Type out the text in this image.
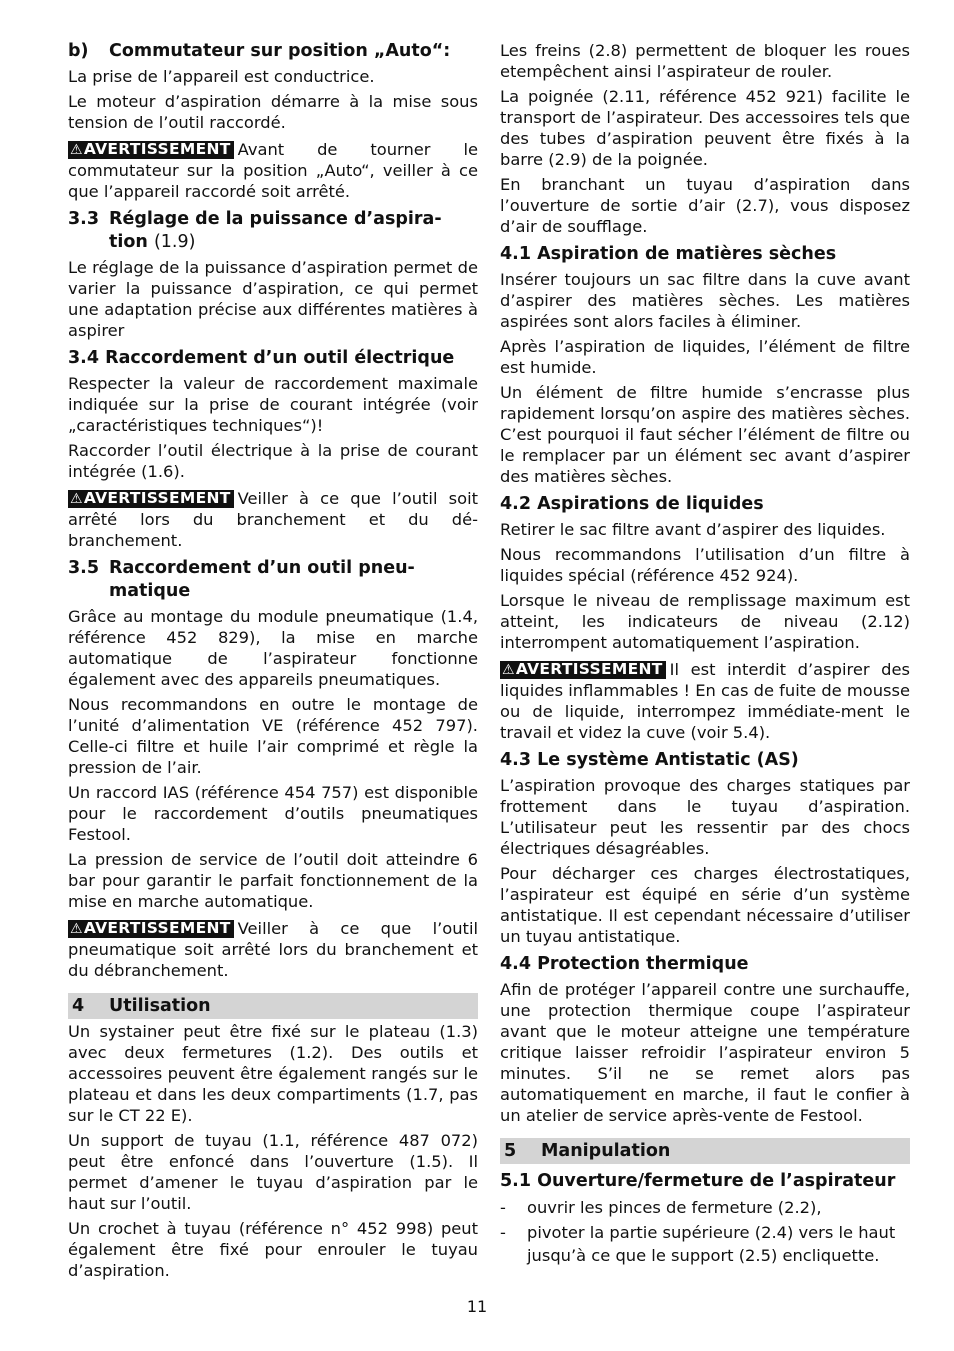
b) Commutateur sur position „Auto“:

La prise de l’appareil est conductrice.

Le moteur d’aspiration démarre à la mise sous tension de l’outil raccordé.

⚠AVERTISSEMENT Avant de tourner le commutateur sur la position „Auto“, veiller à ce que l’appareil raccordé soit arrêté.

3.3 Réglage de la puissance d’aspira-tion (1.9)

Le réglage de la puissance d’aspiration permet de varier la puissance d’aspiration, ce qui permet une adaptation précise aux différentes matières à aspirer

3.4 Raccordement d’un outil électrique

Respecter la valeur de raccordement maximale indiquée sur la prise de courant intégrée (voir „caractéristiques techniques“)!

Raccorder l’outil électrique à la prise de courant intégrée (1.6).

⚠AVERTISSEMENT Veiller à ce que l’outil soit arrêté lors du branchement et du dé-branchement.

3.5 Raccordement d’un outil pneu-matique

Grâce au montage du module pneumatique (1.4, référence 452 829), la mise en marche automatique de l’aspirateur fonctionne également avec des appareils pneumatiques.

Nous recommandons en outre le montage de l’unité d’alimentation VE (référence 452 797). Celle-ci filtre et huile l’air comprimé et règle la pression de l’air.

Un raccord IAS (référence 454 757) est disponible pour le raccordement d’outils pneumatiques Festool.

La pression de service de l’outil doit atteindre 6 bar pour garantir le parfait fonctionnement de la mise en marche automatique.

⚠AVERTISSEMENT Veiller à ce que l’outil pneumatique soit arrêté lors du branchement et du débranchement.

4 Utilisation

Un systainer peut être fixé sur le plateau (1.3) avec deux fermetures (1.2). Des outils et accessoires peuvent être également rangés sur le plateau et dans les deux compartiments (1.7, pas sur le CT 22 E).

Un support de tuyau (1.1, référence 487 072) peut être enfoncé dans l’ouverture (1.5). Il permet d’amener le tuyau d’aspiration par le haut sur l’outil.

Un crochet à tuyau (référence n° 452 998) peut également être fixé pour enrouler le tuyau d’aspiration.

Les freins (2.8) permettent de bloquer les roues etempêchent ainsi l’aspirateur de rouler.

La poignée (2.11, référence 452 921) facilite le transport de l’aspirateur. Des accessoires tels que des tubes d’aspiration peuvent être fixés à la barre (2.9) de la poignée.

En branchant un tuyau d’aspiration dans l’ouverture de sortie d’air (2.7), vous disposez d’air de soufflage.

4.1 Aspiration de matières sèches

Insérer toujours un sac filtre dans la cuve avant d’aspirer des matières sèches. Les matières aspirées sont alors faciles à éliminer.

Après l’aspiration de liquides, l’élément de filtre est humide.

Un élément de filtre humide s’encrasse plus rapidement lorsqu’on aspire des matières sèches. C’est pourquoi il faut sécher l’élément de filtre ou le remplacer par un élément sec avant d’aspirer des matières sèches.

4.2 Aspirations de liquides

Retirer le sac filtre avant d’aspirer des liquides.

Nous recommandons l’utilisation d’un filtre à liquides spécial (référence 452 924).

Lorsque le niveau de remplissage maximum est atteint, les indicateurs de niveau (2.12) interrompent automatiquement l’aspiration.

⚠AVERTISSEMENT Il est interdit d’aspirer des liquides inflammables ! En cas de fuite de mousse ou de liquide, interrompez immédiate-ment le travail et videz la cuve (voir 5.4).

4.3 Le système Antistatic (AS)

L’aspiration provoque des charges statiques par frottement dans le tuyau d’aspiration. L’utilisateur peut les ressentir par des chocs électriques désagréables.

Pour décharger ces charges électrostatiques, l’aspirateur est équipé en série d’un système antistatique. Il est cependant nécessaire d’utiliser un tuyau antistatique.

4.4 Protection thermique

Afin de protéger l’appareil contre une surchauffe, une protection thermique coupe l’aspirateur avant que le moteur atteigne une température critique laisser refroidir l’aspirateur environ 5 minutes. S’il ne se remet alors pas automatiquement en marche, il faut le confier à un atelier de service après-vente de Festool.

5 Manipulation
5.1 Ouverture/fermeture de l’aspirateur
- ouvrir les pinces de fermeture (2.2),
- pivoter la partie supérieure (2.4) vers le haut jusqu’à ce que le support (2.5) encliquette.
11
